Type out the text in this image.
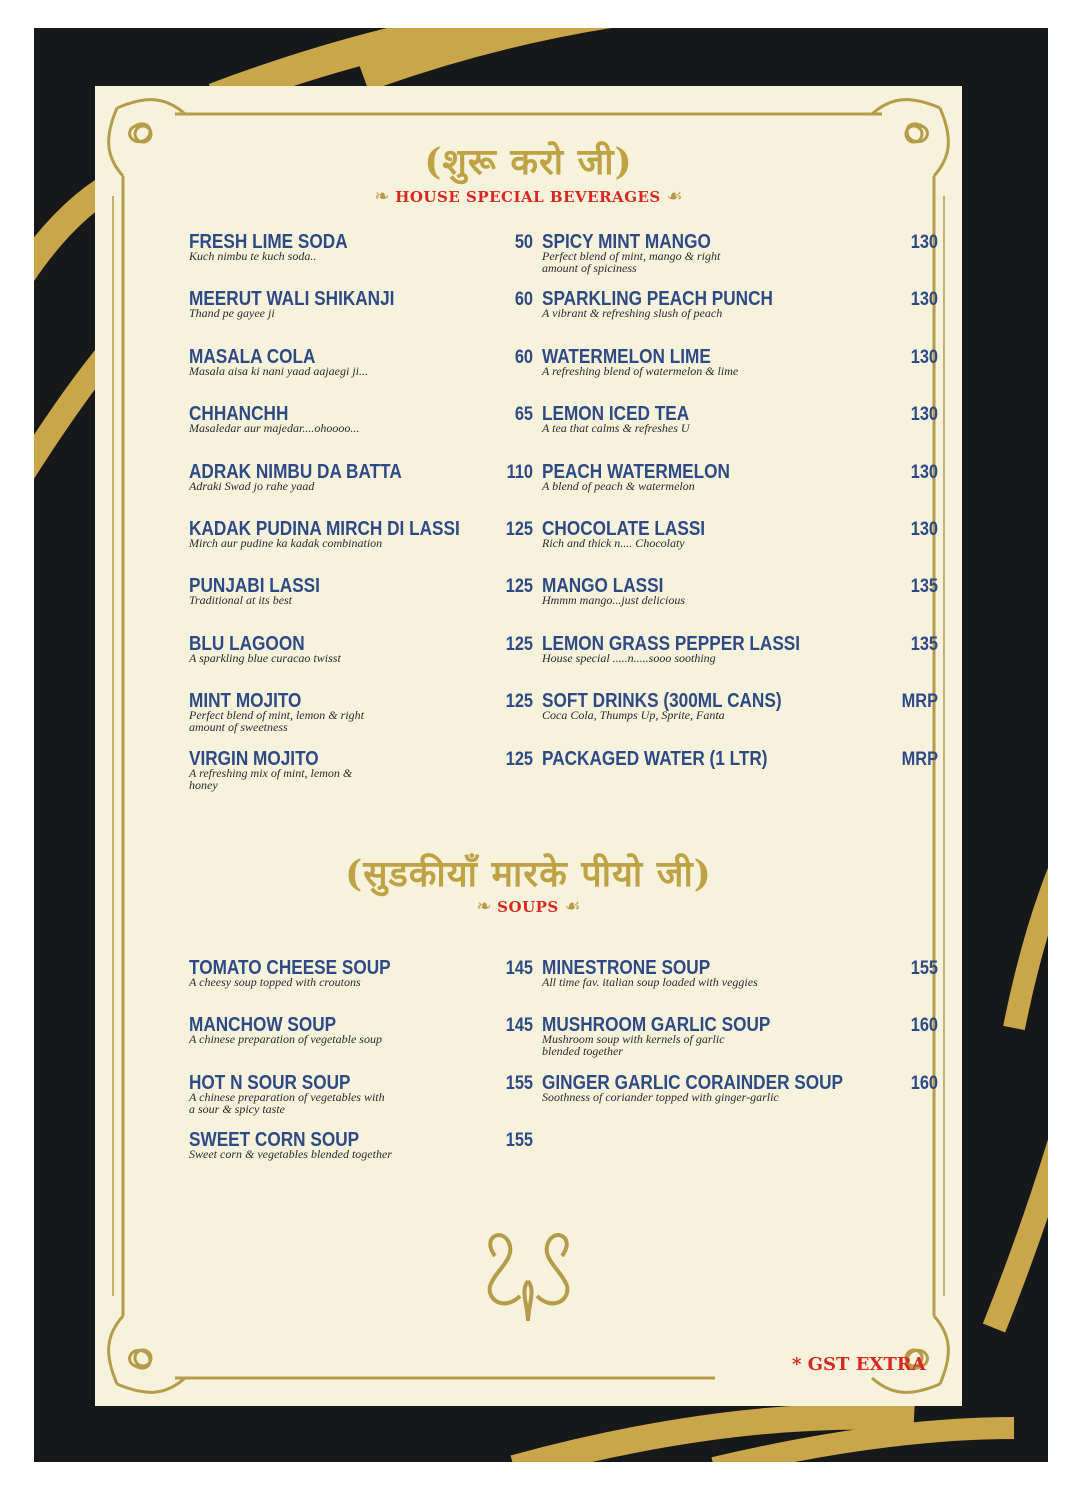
(शुरू करो जी)
❧ HOUSE SPECIAL BEVERAGES ☙
FRESH LIME SODA
Kuch nimbu te kuch soda..
50
MEERUT WALI SHIKANJI
Thand pe gayee ji
60
MASALA COLA
Masala aisa ki nani yaad aajaegi ji...
60
CHHANCHH
Masaledar aur majedar....ohoooo...
65
ADRAK NIMBU DA BATTA
Adraki Swad jo rahe yaad
110
KADAK PUDINA MIRCH DI LASSI
Mirch aur pudine ka kadak combination
125
PUNJABI LASSI
Traditional at its best
125
BLU LAGOON
A sparkling blue curacao twisst
125
MINT MOJITO
Perfect blend of mint, lemon & right
amount of sweetness
125
VIRGIN MOJITO
A refreshing mix of mint, lemon &
honey
125
SPICY MINT MANGO
Perfect blend of mint, mango & right
amount of spiciness
130
SPARKLING PEACH PUNCH
A vibrant & refreshing slush of peach
130
WATERMELON LIME
A refreshing blend of watermelon & lime
130
LEMON ICED TEA
A tea that calms & refreshes U
130
PEACH WATERMELON
A blend of peach & watermelon
130
CHOCOLATE LASSI
Rich and thick n.... Chocolaty
130
MANGO LASSI
Hmmm mango...just delicious
135
LEMON GRASS PEPPER LASSI
House special .....n.....sooo soothing
135
SOFT DRINKS (300ML CANS)
Coca Cola, Thumps Up, Sprite, Fanta
MRP
PACKAGED WATER (1 LTR)	MRP
(सुडकीयाँ मारके पीयो जी)
❧ SOUPS ☙
TOMATO CHEESE SOUP
A cheesy soup topped with croutons
145
MANCHOW SOUP
A chinese preparation of vegetable soup
145
HOT N SOUR SOUP
A chinese preparation of vegetables with
a sour & spicy taste
155
SWEET CORN SOUP
Sweet corn & vegetables blended together
155
MINESTRONE SOUP
All time fav. italian soup loaded with veggies
155
MUSHROOM GARLIC SOUP
Mushroom soup with kernels of garlic
blended together
160
GINGER GARLIC CORAINDER SOUP
Soothness of coriander topped with ginger-garlic
160
* GST EXTRA
